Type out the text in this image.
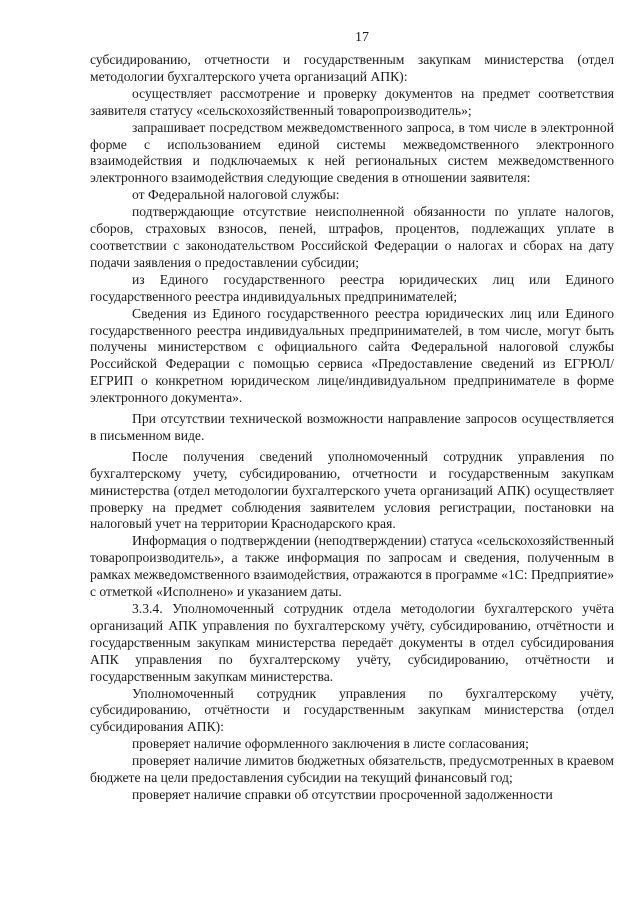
17

субсидированию, отчетности и государственным закупкам министерства (отдел методологии бухгалтерского учета организаций АПК):

осуществляет рассмотрение и проверку документов на предмет соответствия заявителя статусу «сельскохозяйственный товаропроизводитель»;

запрашивает посредством межведомственного запроса, в том числе в электронной форме с использованием единой системы межведомственного электронного взаимодействия и подключаемых к ней региональных систем межведомственного электронного взаимодействия следующие сведения в отношении заявителя:

от Федеральной налоговой службы:

подтверждающие отсутствие неисполненной обязанности по уплате налогов, сборов, страховых взносов, пеней, штрафов, процентов, подлежащих уплате в соответствии с законодательством Российской Федерации о налогах и сборах на дату подачи заявления о предоставлении субсидии;

из Единого государственного реестра юридических лиц или Единого государственного реестра индивидуальных предпринимателей;

Сведения из Единого государственного реестра юридических лиц или Единого государственного реестра индивидуальных предпринимателей, в том числе, могут быть получены министерством с официального сайта Федеральной налоговой службы Российской Федерации с помощью сервиса «Предоставление сведений из ЕГРЮЛ/ЕГРИП о конкретном юридическом лице/индивидуальном предпринимателе в форме электронного документа».

При отсутствии технической возможности направление запросов осуществляется в письменном виде.

После получения сведений уполномоченный сотрудник управления по бухгалтерскому учету, субсидированию, отчетности и государственным закупкам министерства (отдел методологии бухгалтерского учета организаций АПК) осуществляет проверку на предмет соблюдения заявителем условия регистрации, постановки на налоговый учет на территории Краснодарского края.

Информация о подтверждении (неподтверждении) статуса «сельскохозяйственный товаропроизводитель», а также информация по запросам и сведения, полученным в рамках межведомственного взаимодействия, отражаются в программе «1С: Предприятие» с отметкой «Исполнено» и указанием даты.

3.3.4. Уполномоченный сотрудник отдела методологии бухгалтерского учёта организаций АПК управления по бухгалтерскому учёту, субсидированию, отчётности и государственным закупкам министерства передаёт документы в отдел субсидирования АПК управления по бухгалтерскому учёту, субсидированию, отчётности и государственным закупкам министерства.

Уполномоченный сотрудник управления по бухгалтерскому учёту, субсидированию, отчётности и государственным закупкам министерства (отдел субсидирования АПК):

проверяет наличие оформленного заключения в листе согласования;

проверяет наличие лимитов бюджетных обязательств, предусмотренных в краевом бюджете на цели предоставления субсидии на текущий финансовый год;

проверяет наличие справки об отсутствии просроченной задолженности
